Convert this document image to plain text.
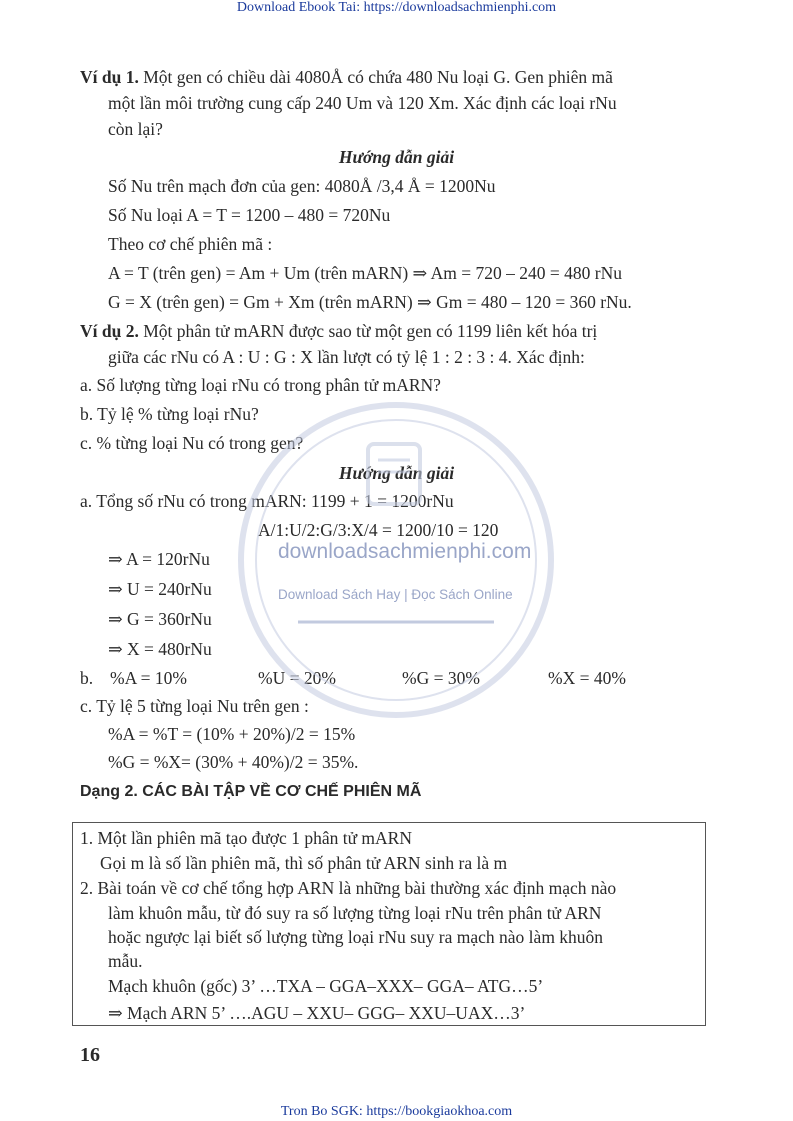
Download Ebook Tai: https://downloadsachmienphi.com
Ví dụ 1. Một gen có chiều dài 4080Å có chứa 480 Nu loại G. Gen phiên mã
một lần môi trường cung cấp 240 Um và 120 Xm. Xác định các loại rNu
còn lại?
Hướng dẫn giải
Số Nu trên mạch đơn của gen: 4080Å /3,4 Å = 1200Nu
Số Nu loại A = T = 1200 – 480 = 720Nu
Theo cơ chế phiên mã :
A = T (trên gen) = Am + Um (trên mARN) ⇒ Am = 720 – 240 = 480 rNu
G = X (trên gen) = Gm + Xm (trên mARN) ⇒ Gm = 480 – 120 = 360 rNu.
Ví dụ 2. Một phân tử mARN được sao từ một gen có 1199 liên kết hóa trị
giữa các rNu có A : U : G : X lần lượt có tỷ lệ 1 : 2 : 3 : 4. Xác định:
a. Số lượng từng loại rNu có trong phân tử mARN?
b. Tỷ lệ % từng loại rNu?
c. % từng loại Nu có trong gen?
Hướng dẫn giải
a. Tổng số rNu có trong mARN: 1199 + 1 = 1200rNu
A/1:U/2:G/3:X/4 = 1200/10 = 120
⇒ A = 120rNu
⇒ U = 240rNu
⇒ G = 360rNu
⇒ X = 480rNu
b. %A = 10%	%U = 20%	%G = 30%	%X = 40%
c. Tỷ lệ 5 từng loại Nu trên gen :
%A = %T = (10% + 20%)/2 = 15%
%G = %X= (30% + 40%)/2 = 35%.
Dạng 2. CÁC BÀI TẬP VỀ CƠ CHẾ PHIÊN MÃ
1. Một lần phiên mã tạo được 1 phân tử mARN
Gọi m là số lần phiên mã, thì số phân tử ARN sinh ra là m
2. Bài toán về cơ chế tổng hợp ARN là những bài thường xác định mạch nào
làm khuôn mẫu, từ đó suy ra số lượng từng loại rNu trên phân tử ARN
hoặc ngược lại biết số lượng từng loại rNu suy ra mạch nào làm khuôn
mẫu.
Mạch khuôn (gốc) 3’ …TXA – GGA–XXX– GGA– ATG…5’
⇒ Mạch ARN 5’ ….AGU – XXU– GGG– XXU–UAX…3’
16
downloadsachmienphi.com
Download Sách Hay | Đọc Sách Online
Tron Bo SGK: https://bookgiaokhoa.com
